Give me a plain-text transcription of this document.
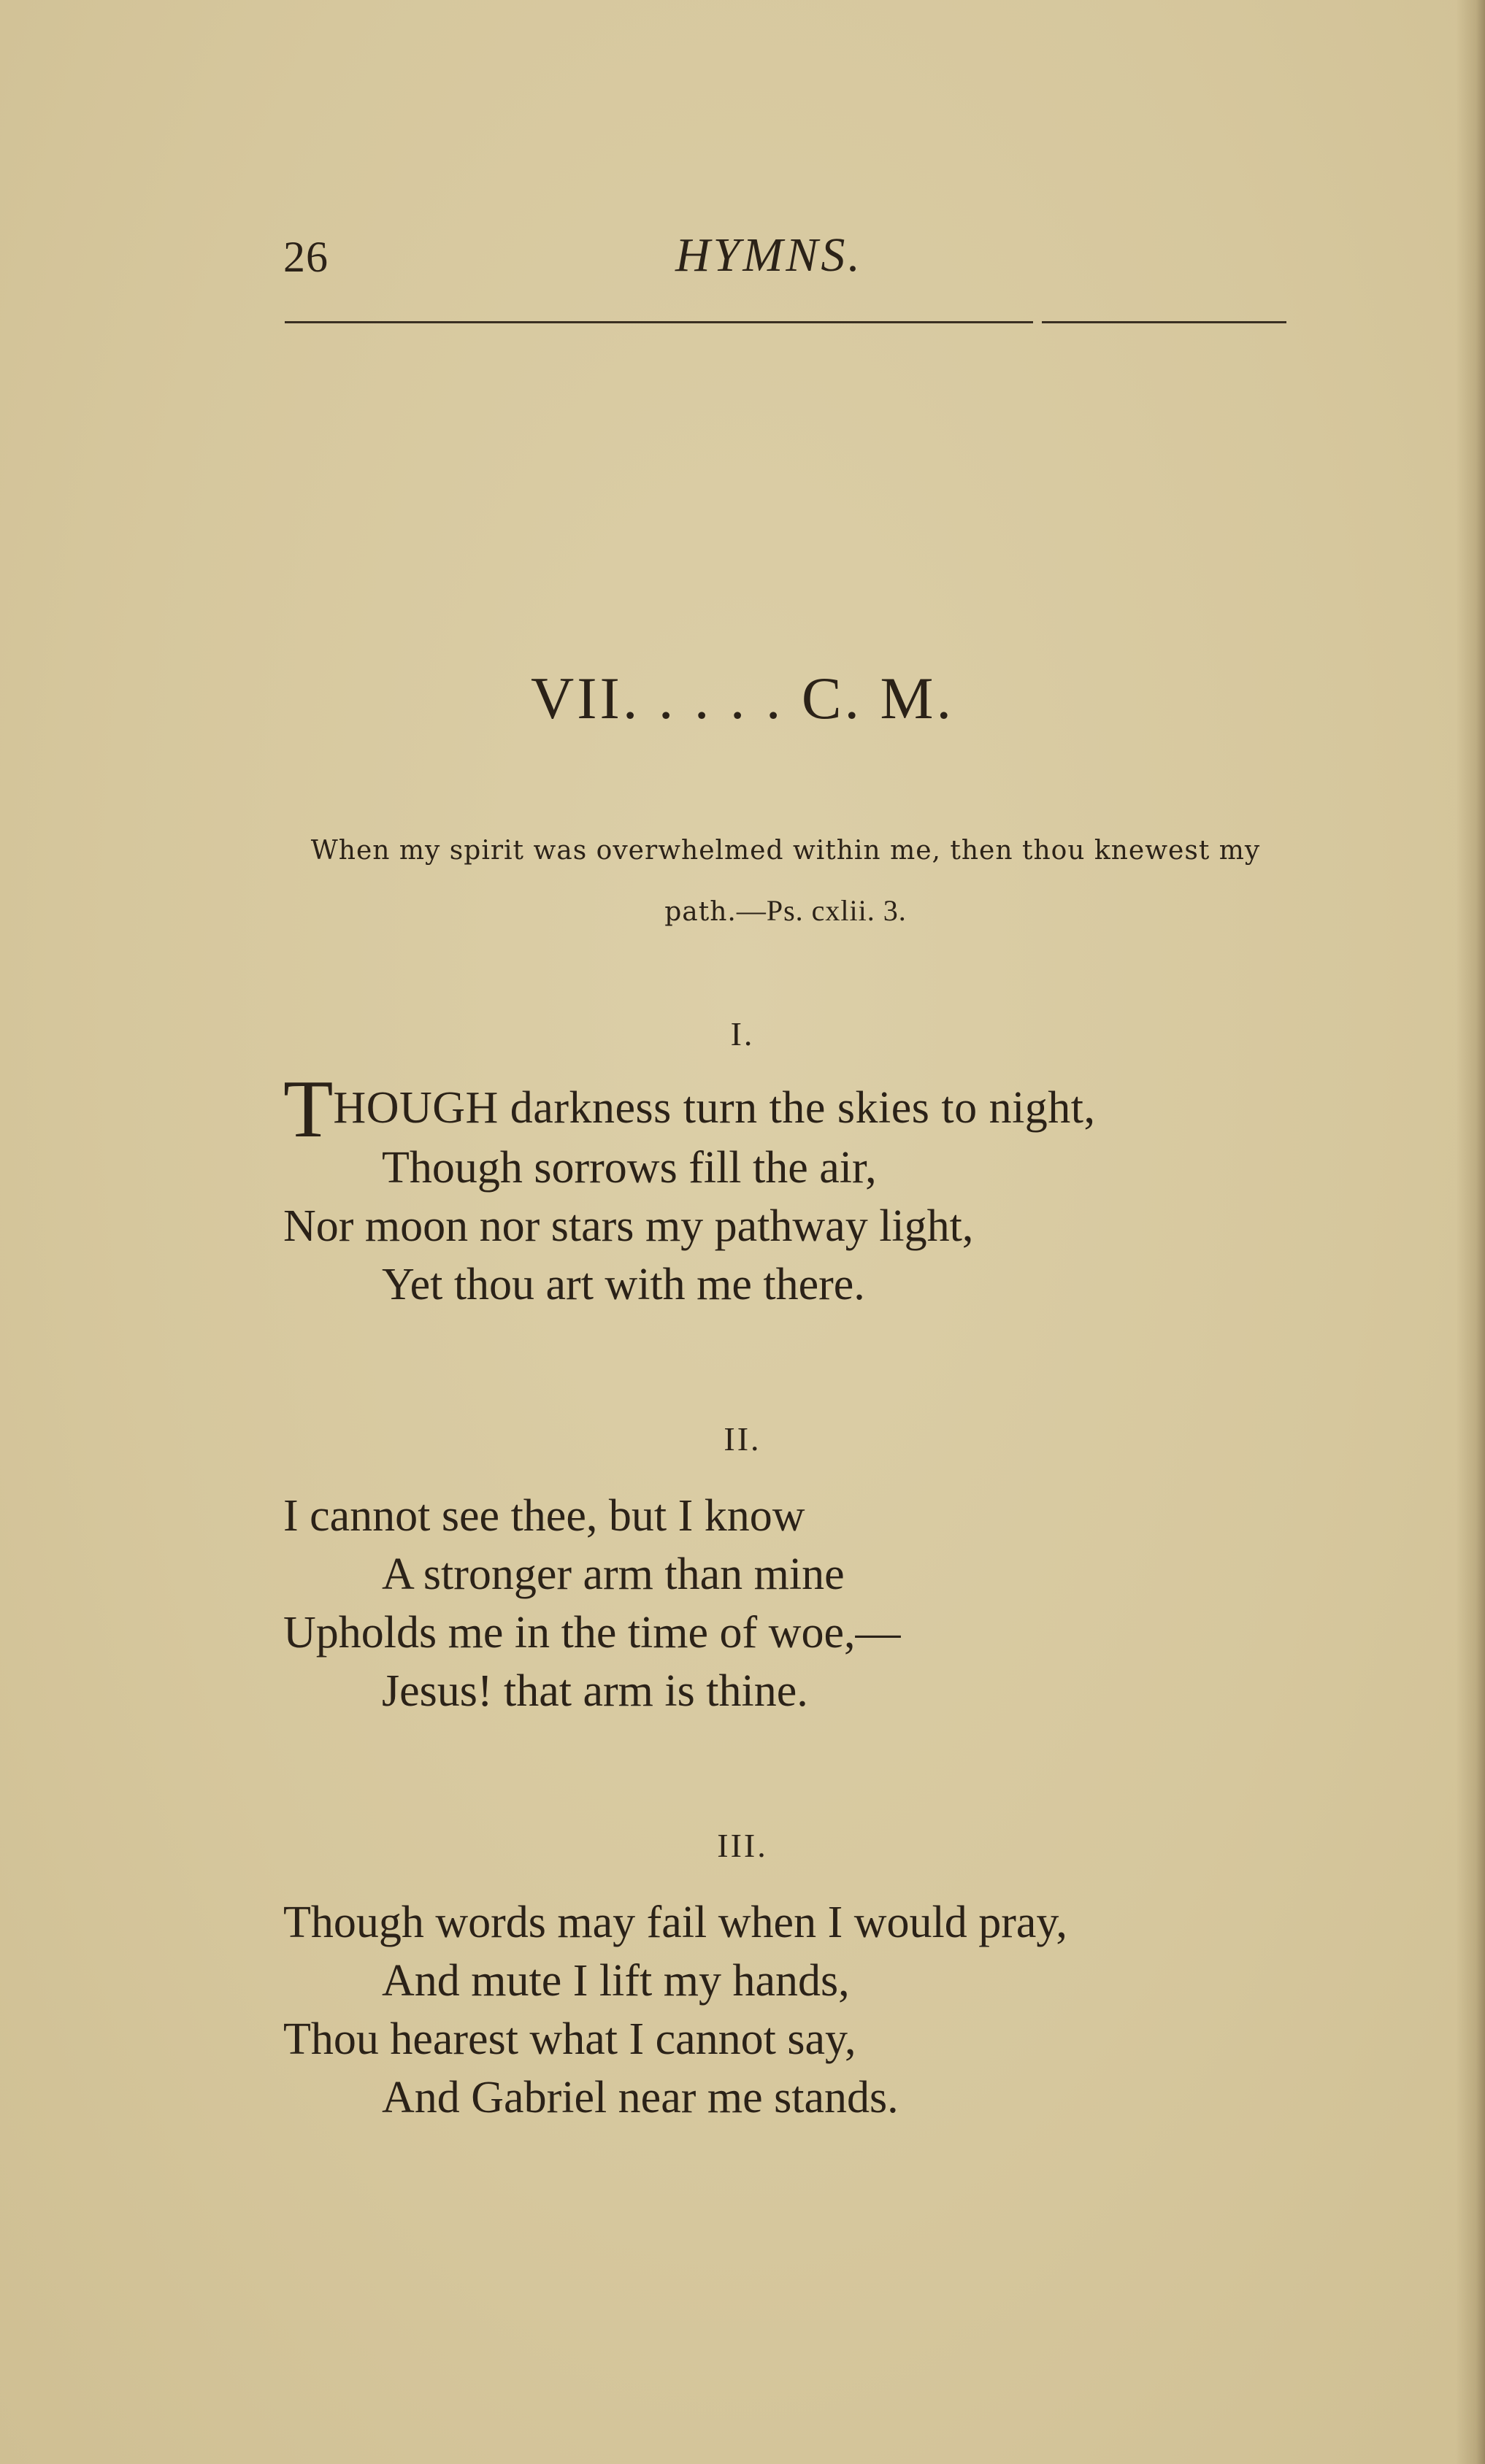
26	HYMNS.
VII. . . . . C. M.
When my spirit was overwhelmed within me, then thou knewest my
path.—Ps. cxlii. 3.
I.
THOUGH darkness turn the skies to night,
Though sorrows fill the air,
Nor moon nor stars my pathway light,
Yet thou art with me there.
II.
I cannot see thee, but I know
A stronger arm than mine
Upholds me in the time of woe,—
Jesus! that arm is thine.
III.
Though words may fail when I would pray,
And mute I lift my hands,
Thou hearest what I cannot say,
And Gabriel near me stands.
